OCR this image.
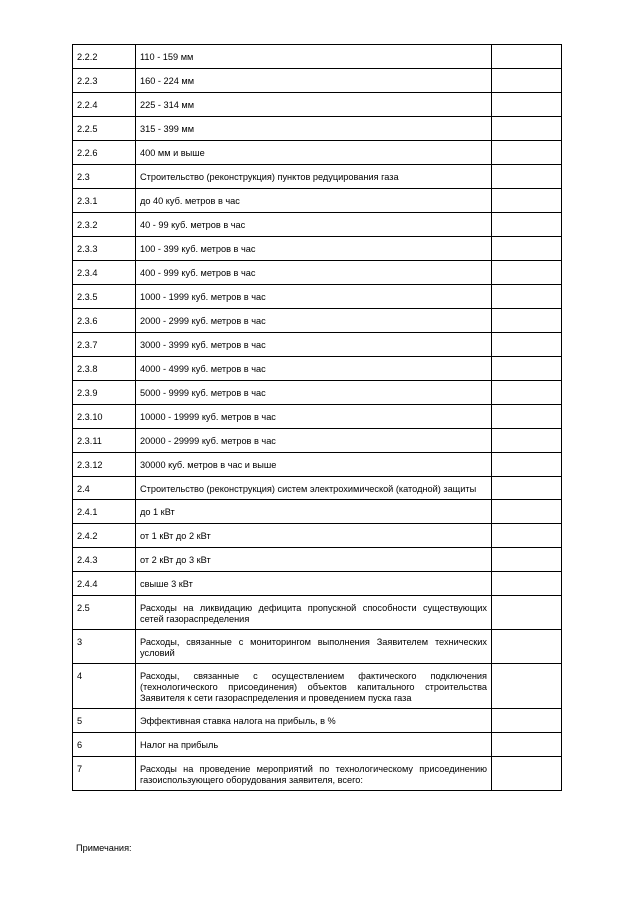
2.2.2	110 - 159 мм	
2.2.3	160 - 224 мм	
2.2.4	225 - 314 мм	
2.2.5	315 - 399 мм	
2.2.6	400 мм и выше	
2.3	Строительство (реконструкция) пунктов редуцирования газа	
2.3.1	до 40 куб. метров в час	
2.3.2	40 - 99 куб. метров в час	
2.3.3	100 - 399 куб. метров в час	
2.3.4	400 - 999 куб. метров в час	
2.3.5	1000 - 1999 куб. метров в час	
2.3.6	2000 - 2999 куб. метров в час	
2.3.7	3000 - 3999 куб. метров в час	
2.3.8	4000 - 4999 куб. метров в час	
2.3.9	5000 - 9999 куб. метров в час	
2.3.10	10000 - 19999 куб. метров в час	
2.3.11	20000 - 29999 куб. метров в час	
2.3.12	30000 куб. метров в час и выше	
2.4	Строительство (реконструкция) систем электрохимической (катодной) защиты	
2.4.1	до 1 кВт	
2.4.2	от 1 кВт до 2 кВт	
2.4.3	от 2 кВт до 3 кВт	
2.4.4	свыше 3 кВт	
2.5	Расходы на ликвидацию дефицита пропускной способности существующих сетей газораспределения	
3	Расходы, связанные с мониторингом выполнения Заявителем технических условий	
4	Расходы, связанные с осуществлением фактического подключения (технологического присоединения) объектов капитального строительства Заявителя к сети газораспределения и проведением пуска газа	
5	Эффективная ставка налога на прибыль, в %	
6	Налог на прибыль	
7	Расходы на проведение мероприятий по технологическому присоединению газоиспользующего оборудования заявителя, всего:	
Примечания:
